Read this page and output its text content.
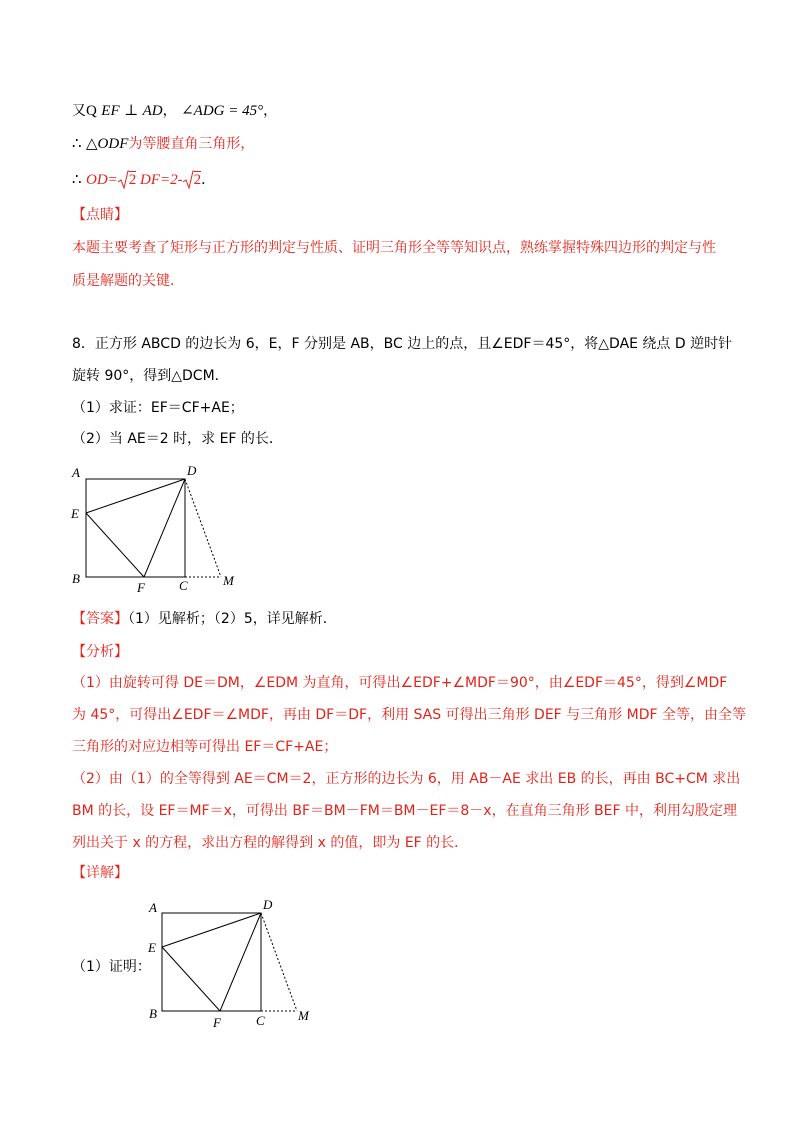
又Q EF ⊥ AD， ∠ADG = 45°，
∴ △ODF为等腰直角三角形，
∴ OD= 2 DF=2- 2．
【点睛】
本题主要考查了矩形与正方形的判定与性质、证明三角形全等等知识点，熟练掌握特殊四边形的判定与性
质是解题的关键．
8．正方形 ABCD 的边长为 6，E，F 分别是 AB，BC 边上的点，且∠EDF＝45°，将△DAE 绕点 D 逆时针
旋转 90°，得到△DCM．
（1）求证：EF＝CF+AE；
（2）当 AE＝2 时，求 EF 的长．
A	D
E
B
F	C	M
【答案】（1）见解析；（2）5，详见解析．
【分析】
（1）由旋转可得 DE＝DM，∠EDM 为直角，可得出∠EDF+∠MDF＝90°，由∠EDF＝45°，得到∠MDF
为 45°，可得出∠EDF＝∠MDF，再由 DF＝DF，利用 SAS 可得出三角形 DEF 与三角形 MDF 全等，由全等
三角形的对应边相等可得出 EF＝CF+AE；
（2）由（1）的全等得到 AE＝CM＝2，正方形的边长为 6，用 AB－AE 求出 EB 的长，再由 BC+CM 求出
BM 的长，设 EF＝MF＝x，可得出 BF＝BM－FM＝BM－EF＝8－x，在直角三角形 BEF 中，利用勾股定理
列出关于 x 的方程，求出方程的解得到 x 的值，即为 EF 的长．
【详解】
（1）证明：
A	D
E
B
F	C	M
